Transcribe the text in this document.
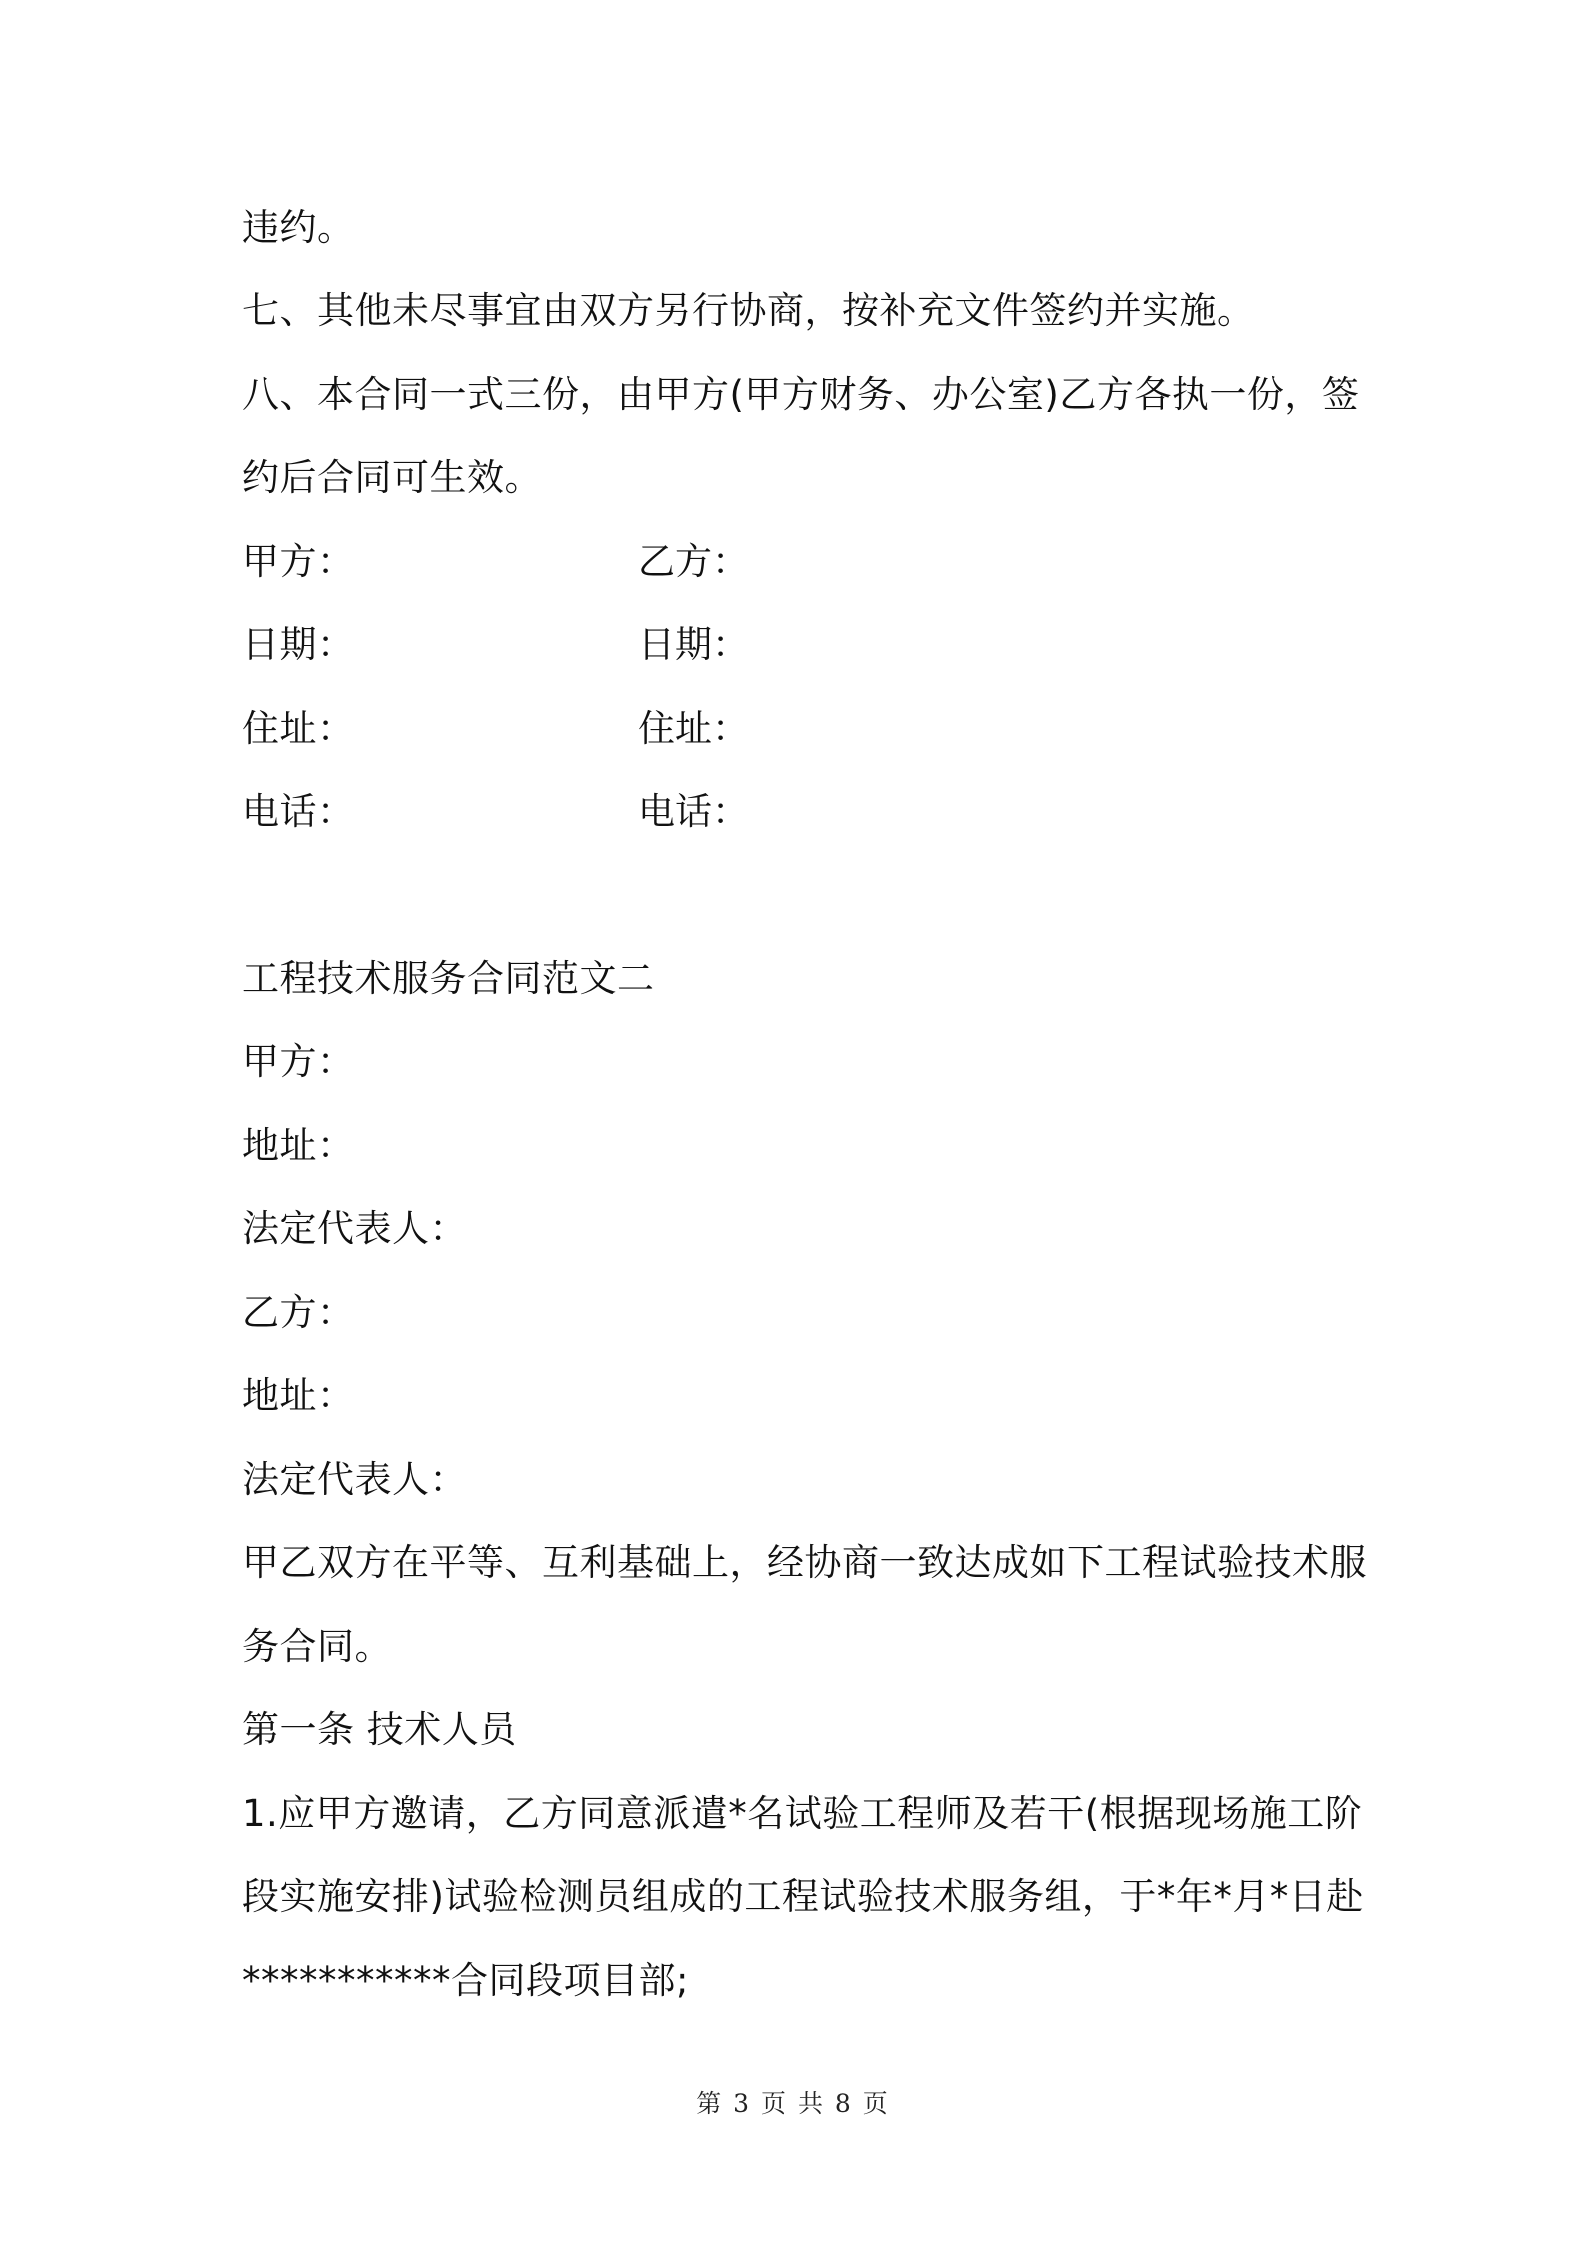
违约。
七、其他未尽事宜由双方另行协商，按补充文件签约并实施。
八、本合同一式三份，由甲方(甲方财务、办公室)乙方各执一份，签
约后合同可生效。
甲方：	乙方：
日期：	日期：
住址：	住址：
电话：	电话：
工程技术服务合同范文二
甲方：
地址：
法定代表人：
乙方：
地址：
法定代表人：
甲乙双方在平等、互利基础上，经协商一致达成如下工程试验技术服
务合同。
第一条 技术人员
1.应甲方邀请，乙方同意派遣*名试验工程师及若干(根据现场施工阶
段实施安排)试验检测员组成的工程试验技术服务组，于*年*月*日赴
***********合同段项目部;
第 3 页 共 8 页
